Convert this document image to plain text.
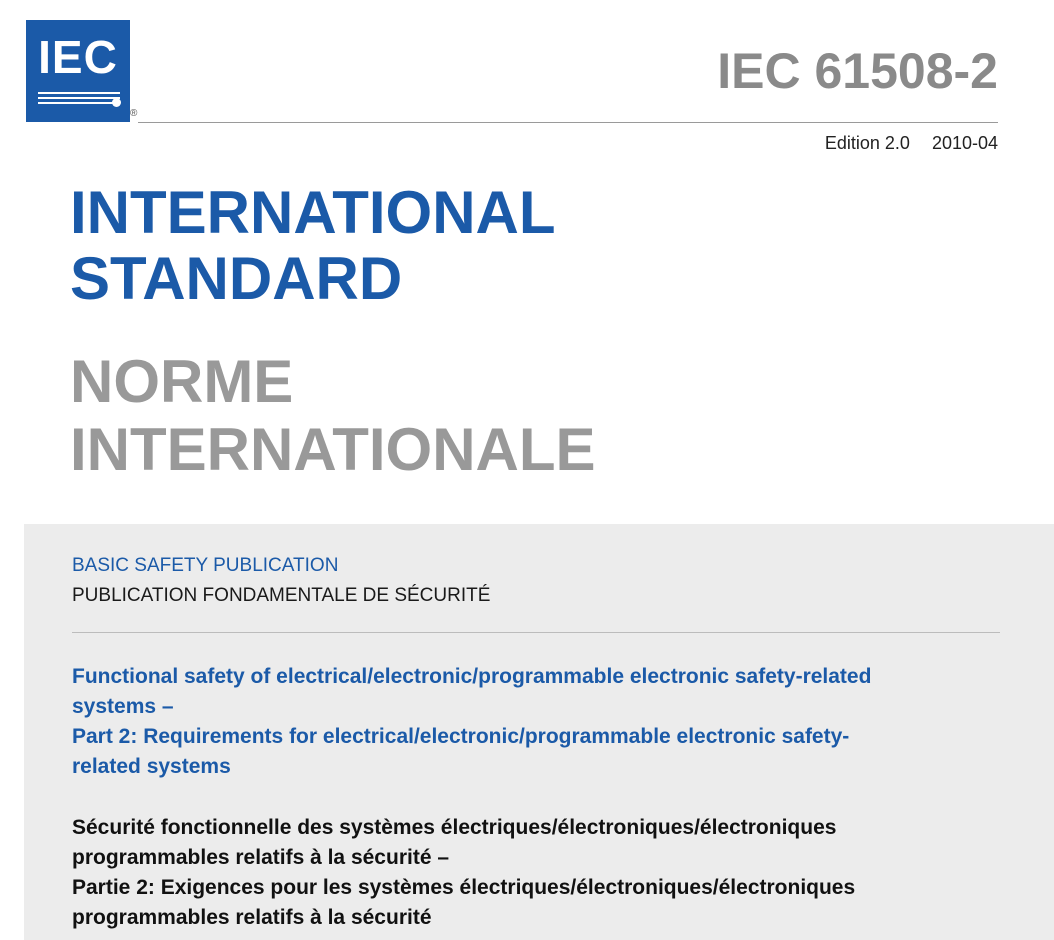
IEC
®
IEC 61508-2
Edition 2.0 2010-04
INTERNATIONAL
STANDARD
NORME
INTERNATIONALE
BASIC SAFETY PUBLICATION
PUBLICATION FONDAMENTALE DE SÉCURITÉ
Functional safety of electrical/electronic/programmable electronic safety-related
systems –
Part 2: Requirements for electrical/electronic/programmable electronic safety-
related systems
Sécurité fonctionnelle des systèmes électriques/électroniques/électroniques
programmables relatifs à la sécurité –
Partie 2: Exigences pour les systèmes électriques/électroniques/électroniques
programmables relatifs à la sécurité
